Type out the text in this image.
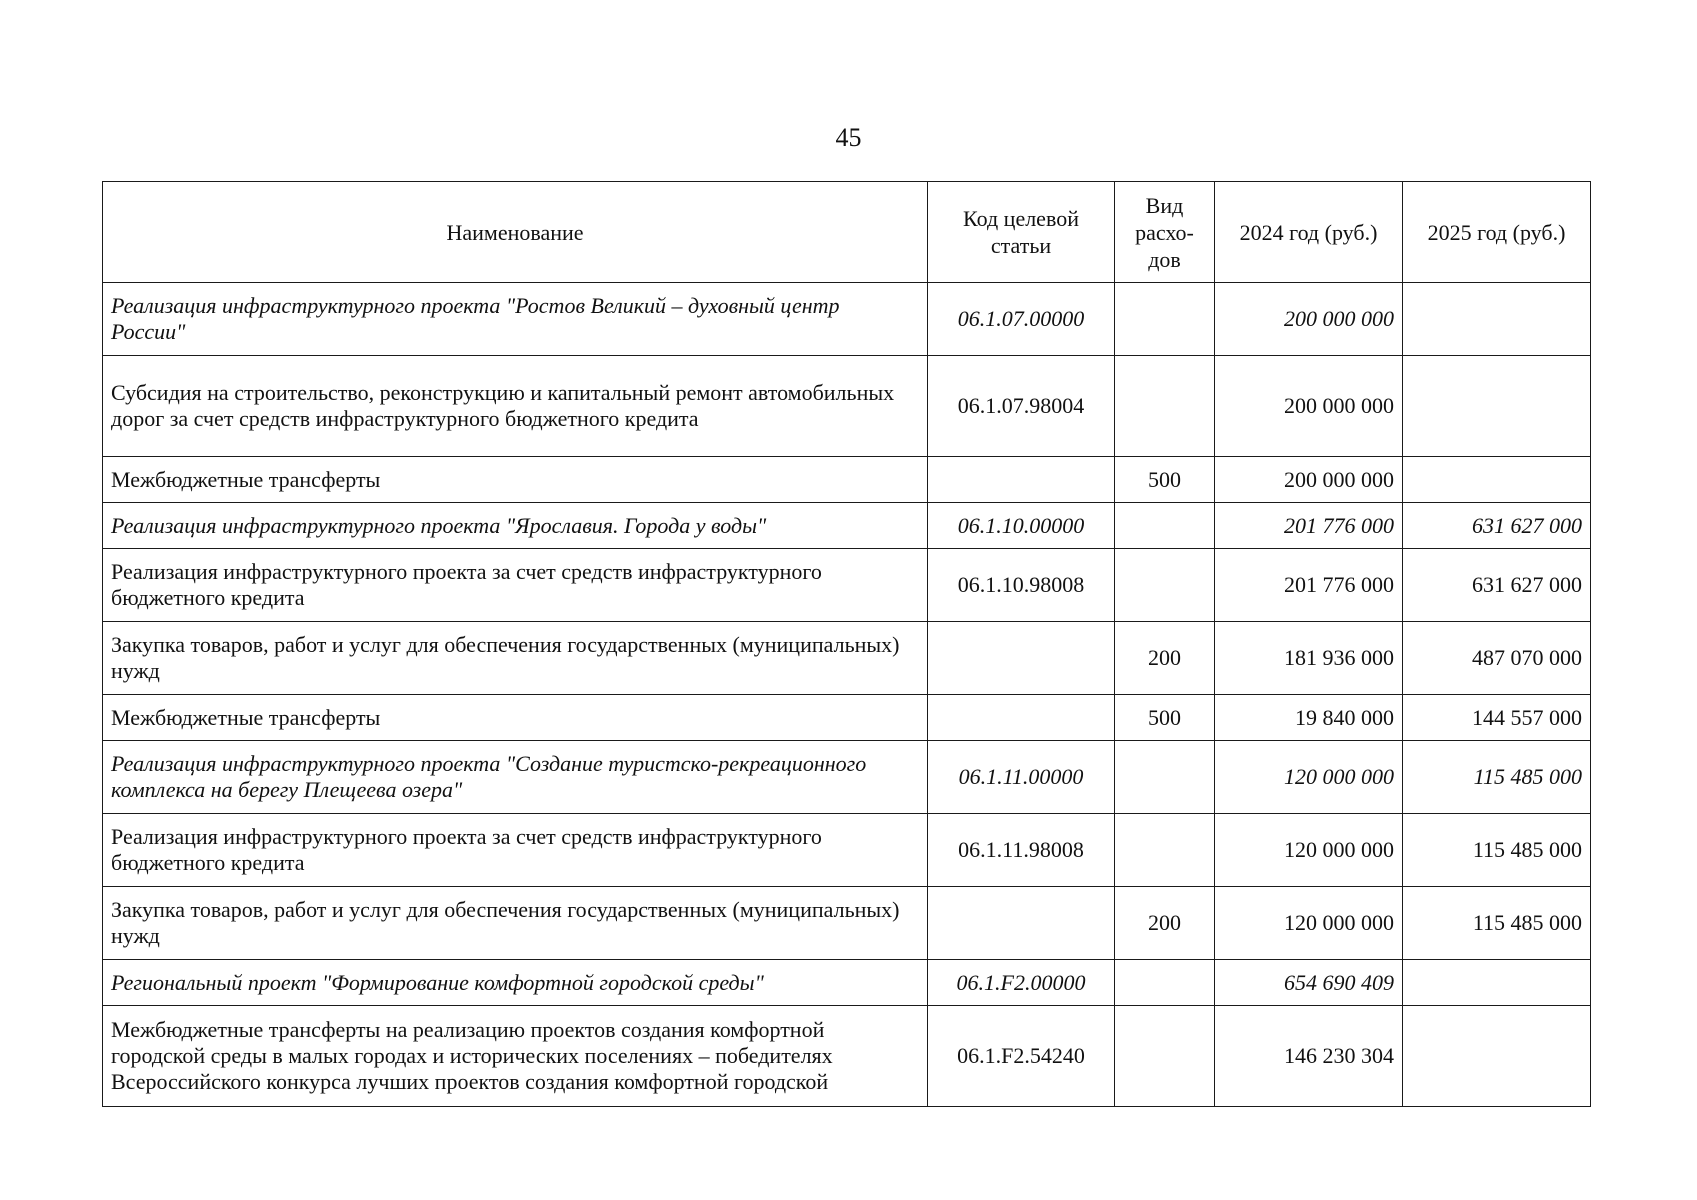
45
Наименование	Код целевой статьи	Вид расхо- дов	2024 год (руб.)	2025 год (руб.)
Реализация инфраструктурного проекта "Ростов Великий – духовный центр России"	06.1.07.00000		200 000 000	
Субсидия на строительство, реконструкцию и капитальный ремонт автомобильных дорог за счет средств инфраструктурного бюджетного кредита	06.1.07.98004		200 000 000	
Межбюджетные трансферты		500	200 000 000	
Реализация инфраструктурного проекта "Ярославия. Города у воды"	06.1.10.00000		201 776 000	631 627 000
Реализация инфраструктурного проекта за счет средств инфраструктурного бюджетного кредита	06.1.10.98008		201 776 000	631 627 000
Закупка товаров, работ и услуг для обеспечения государственных (муниципальных) нужд		200	181 936 000	487 070 000
Межбюджетные трансферты		500	19 840 000	144 557 000
Реализация инфраструктурного проекта "Создание туристско-рекреационного комплекса на берегу Плещеева озера"	06.1.11.00000		120 000 000	115 485 000
Реализация инфраструктурного проекта за счет средств инфраструктурного бюджетного кредита	06.1.11.98008		120 000 000	115 485 000
Закупка товаров, работ и услуг для обеспечения государственных (муниципальных) нужд		200	120 000 000	115 485 000
Региональный проект "Формирование комфортной городской среды"	06.1.F2.00000		654 690 409	
Межбюджетные трансферты на реализацию проектов создания комфортной городской среды в малых городах и исторических поселениях – победителях Всероссийского конкурса лучших проектов создания комфортной городской	06.1.F2.54240		146 230 304	
